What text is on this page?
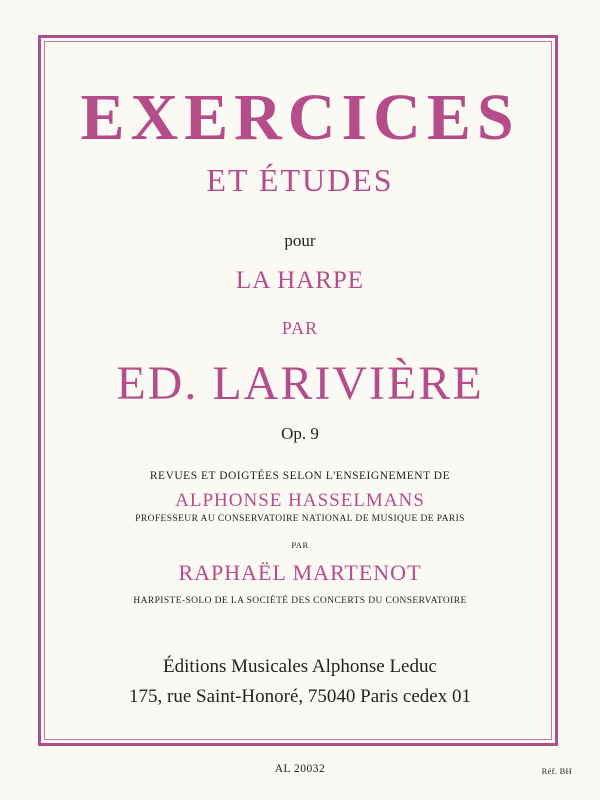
EXERCICES
ET ÉTUDES

pour

LA HARPE

PAR

ED. LARIVIÈRE

Op. 9

REVUES ET DOIGTÉES SELON L'ENSEIGNEMENT DE

ALPHONSE HASSELMANS

PROFESSEUR AU CONSERVATOIRE NATIONAL DE MUSIQUE DE PARIS

PAR

RAPHAËL MARTENOT

HARPISTE-SOLO DE LA SOCIÉTÉ DES CONCERTS DU CONSERVATOIRE

Éditions Musicales Alphonse Leduc

175, rue Saint-Honoré, 75040 Paris cedex 01

AL 20032	Réf. BH
